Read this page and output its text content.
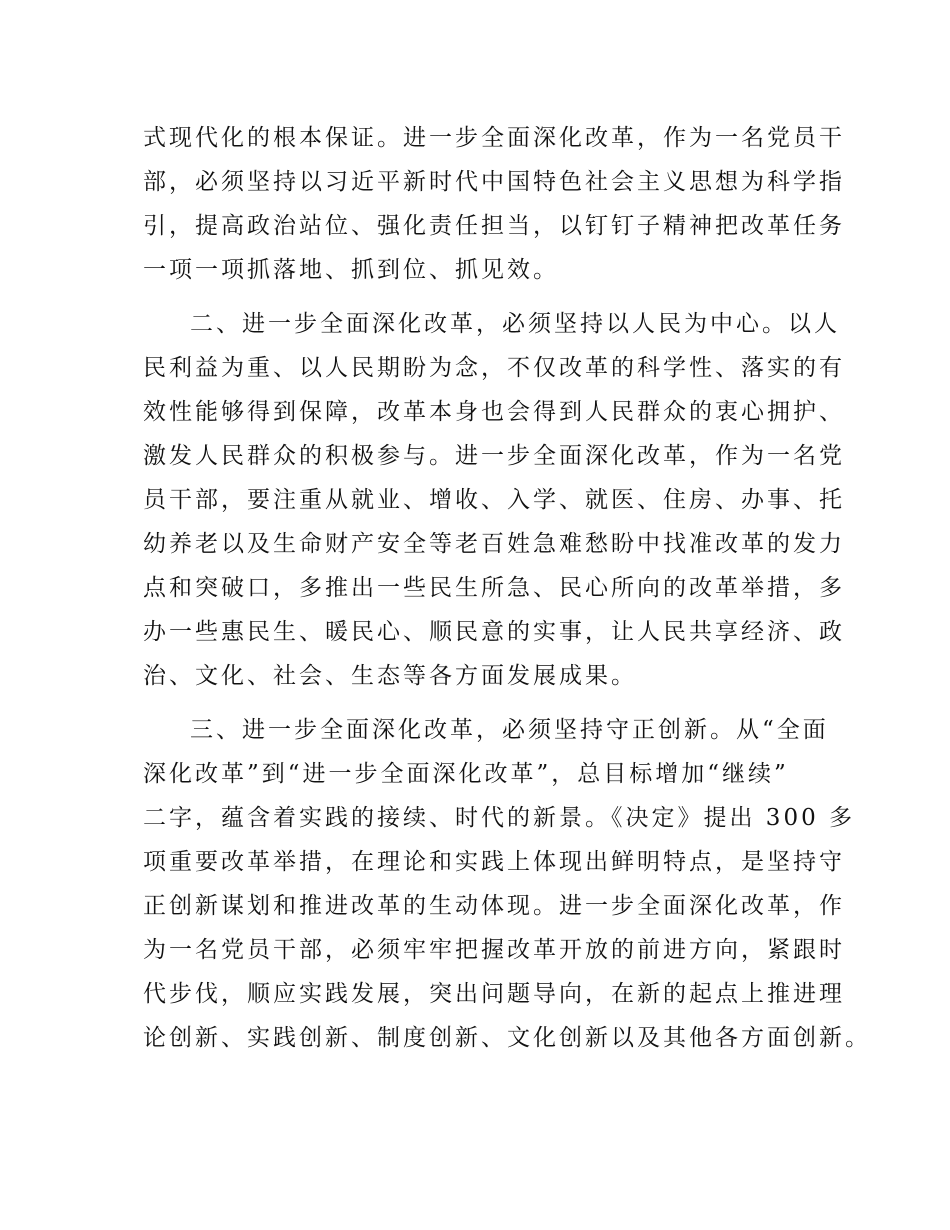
式现代化的根本保证。进一步全面深化改革，作为一名党员干

部，必须坚持以习近平新时代中国特色社会主义思想为科学指

引，提高政治站位、强化责任担当，以钉钉子精神把改革任务

一项一项抓落地、抓到位、抓见效。

二、进一步全面深化改革，必须坚持以人民为中心。以人

民利益为重、以人民期盼为念，不仅改革的科学性、落实的有

效性能够得到保障，改革本身也会得到人民群众的衷心拥护、

激发人民群众的积极参与。进一步全面深化改革，作为一名党

员干部，要注重从就业、增收、入学、就医、住房、办事、托

幼养老以及生命财产安全等老百姓急难愁盼中找准改革的发力

点和突破口，多推出一些民生所急、民心所向的改革举措，多

办一些惠民生、暖民心、顺民意的实事，让人民共享经济、政

治、文化、社会、生态等各方面发展成果。

三、进一步全面深化改革，必须坚持守正创新。从“全面

深化改革”到“进一步全面深化改革”，总目标增加“继续”

二字，蕴含着实践的接续、时代的新景。《决定》提出 300 多

项重要改革举措，在理论和实践上体现出鲜明特点，是坚持守

正创新谋划和推进改革的生动体现。进一步全面深化改革，作

为一名党员干部，必须牢牢把握改革开放的前进方向，紧跟时

代步伐，顺应实践发展，突出问题导向，在新的起点上推进理

论创新、实践创新、制度创新、文化创新以及其他各方面创新。
